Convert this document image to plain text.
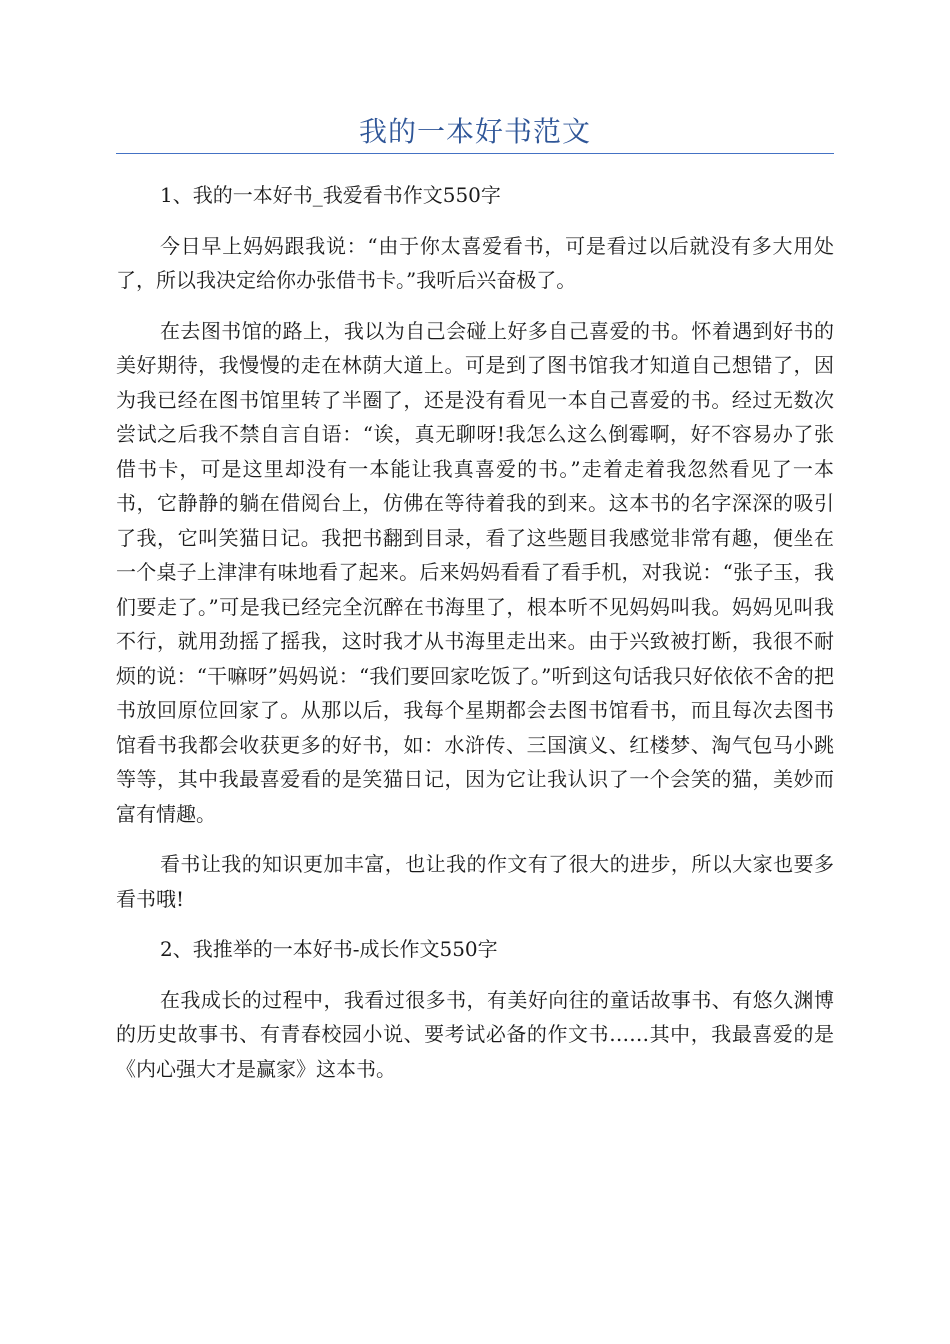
我的一本好书范文

1、我的一本好书_我爱看书作文550字

今日早上妈妈跟我说：“由于你太喜爱看书，可是看过以后就没有多大用处了，所以我决定给你办张借书卡。”我听后兴奋极了。

在去图书馆的路上，我以为自己会碰上好多自己喜爱的书。怀着遇到好书的美好期待，我慢慢的走在林荫大道上。可是到了图书馆我才知道自己想错了，因为我已经在图书馆里转了半圈了，还是没有看见一本自己喜爱的书。经过无数次尝试之后我不禁自言自语：“诶，真无聊呀!我怎么这么倒霉啊，好不容易办了张借书卡，可是这里却没有一本能让我真喜爱的书。”走着走着我忽然看见了一本书，它静静的躺在借阅台上，仿佛在等待着我的到来。这本书的名字深深的吸引了我，它叫笑猫日记。我把书翻到目录，看了这些题目我感觉非常有趣，便坐在一个桌子上津津有味地看了起来。后来妈妈看看了看手机，对我说：“张子玉，我们要走了。”可是我已经完全沉醉在书海里了，根本听不见妈妈叫我。妈妈见叫我不行，就用劲摇了摇我，这时我才从书海里走出来。由于兴致被打断，我很不耐烦的说：“干嘛呀”妈妈说：“我们要回家吃饭了。”听到这句话我只好依依不舍的把书放回原位回家了。从那以后，我每个星期都会去图书馆看书，而且每次去图书馆看书我都会收获更多的好书，如：水浒传、三国演义、红楼梦、淘气包马小跳等等，其中我最喜爱看的是笑猫日记，因为它让我认识了一个会笑的猫，美妙而富有情趣。

看书让我的知识更加丰富，也让我的作文有了很大的进步，所以大家也要多看书哦!

2、我推举的一本好书-成长作文550字

在我成长的过程中，我看过很多书，有美好向往的童话故事书、有悠久渊博的历史故事书、有青春校园小说、要考试必备的作文书……其中，我最喜爱的是《内心强大才是赢家》这本书。
